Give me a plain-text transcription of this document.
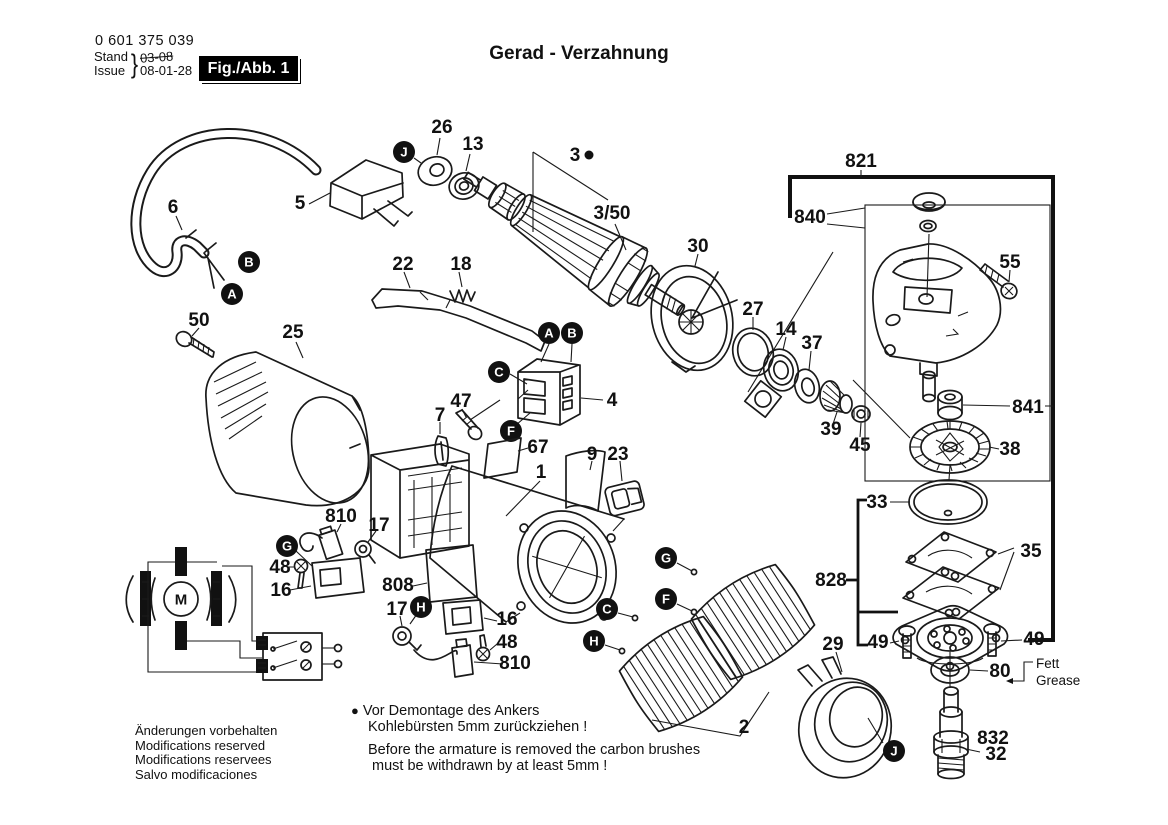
0 601 375 039
Stand
Issue } 03-08
08-01-28 Fig./Abb. 1
Gerad - Verzahnung
Änderungen vorbehalten
Modifications reserved
Modifications reservees
Salvo modificaciones
● Vor Demontage des Ankers
Kohlebürsten 5mm zurückziehen !
Before the armature is removed the carbon brushes
must be withdrawn by at least 5mm !
6	5
26
J	13
3
3/50
22 18
50
25
4
A B
C
F
7
47
67
1
9 23
808
810 17
48
16
G
17	16
48
810
H
2
G
F
C
H
30
27
14
37
39
45
821
840
55
841
38
828
33
35
49	49
80 Fett
Grease
832
32
29
J
B
A
M
